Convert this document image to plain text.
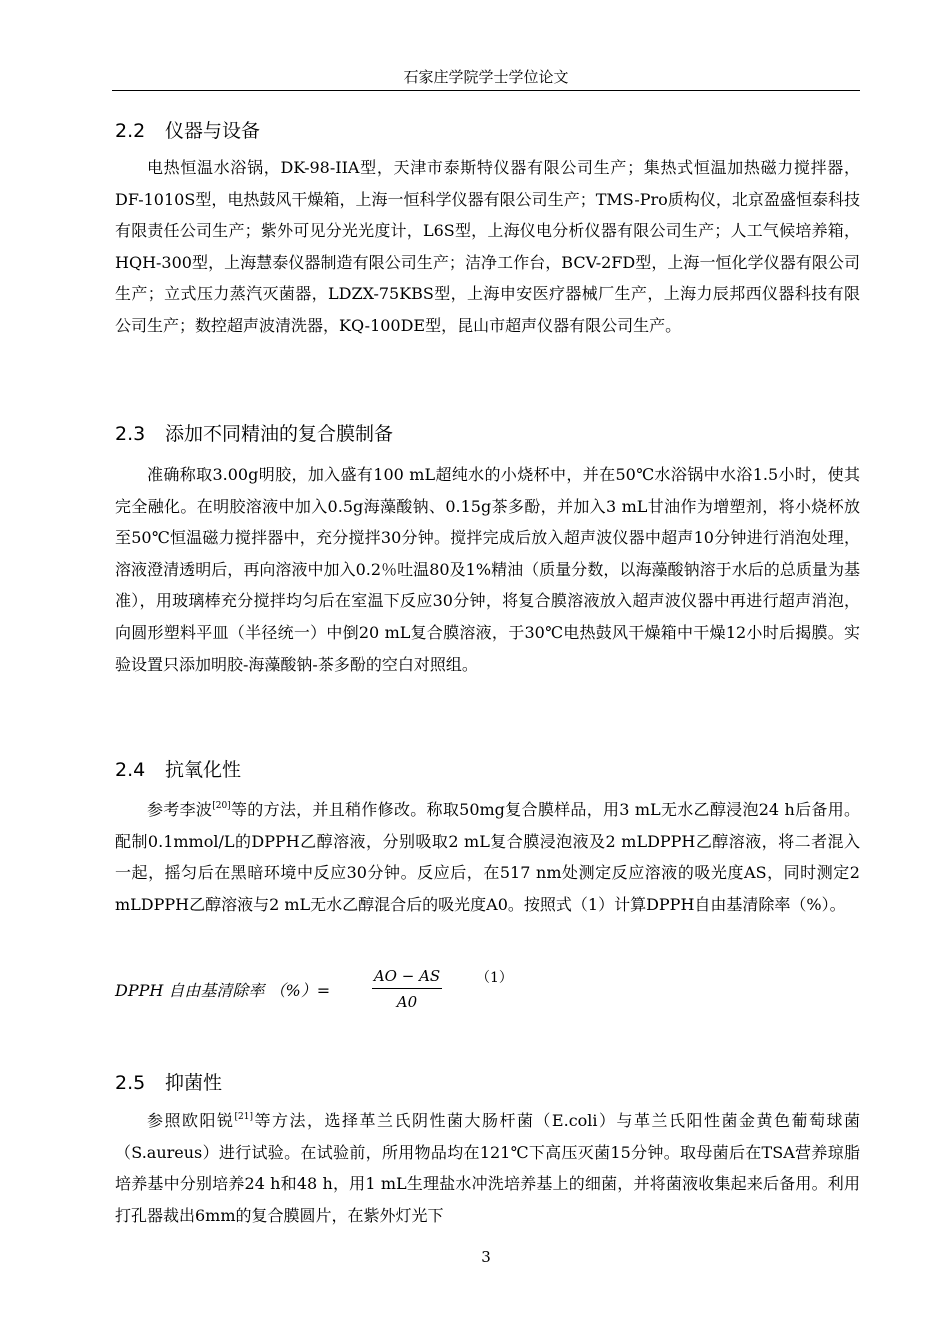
石家庄学院学士学位论文
2.2 仪器与设备

电热恒温水浴锅，DK-98-IIA型，天津市泰斯特仪器有限公司生产；集热式恒温加热磁力搅拌器，DF-1010S型，电热鼓风干燥箱，上海一恒科学仪器有限公司生产；TMS-Pro质构仪，北京盈盛恒泰科技有限责任公司生产；紫外可见分光光度计，L6S型，上海仪电分析仪器有限公司生产；人工气候培养箱，HQH-300型，上海慧泰仪器制造有限公司生产；洁净工作台，BCV-2FD型，上海一恒化学仪器有限公司生产；立式压力蒸汽灭菌器，LDZX-75KBS型，上海申安医疗器械厂生产，上海力辰邦西仪器科技有限公司生产；数控超声波清洗器，KQ-100DE型，昆山市超声仪器有限公司生产。

2.3 添加不同精油的复合膜制备

准确称取3.00g明胶，加入盛有100 mL超纯水的小烧杯中，并在50℃水浴锅中水浴1.5小时，使其完全融化。在明胶溶液中加入0.5g海藻酸钠、0.15g茶多酚，并加入3 mL甘油作为增塑剂，将小烧杯放至50℃恒温磁力搅拌器中，充分搅拌30分钟。搅拌完成后放入超声波仪器中超声10分钟进行消泡处理，溶液澄清透明后，再向溶液中加入0.2％吐温80及1%精油（质量分数，以海藻酸钠溶于水后的总质量为基准），用玻璃棒充分搅拌均匀后在室温下反应30分钟，将复合膜溶液放入超声波仪器中再进行超声消泡，向圆形塑料平皿（半径统一）中倒20 mL复合膜溶液，于30℃电热鼓风干燥箱中干燥12小时后揭膜。实验设置只添加明胶-海藻酸钠-茶多酚的空白对照组。

2.4 抗氧化性

参考李波[20]等的方法，并且稍作修改。称取50mg复合膜样品，用3 mL无水乙醇浸泡24 h后备用。配制0.1mmol/L的DPPH乙醇溶液，分别吸取2 mL复合膜浸泡液及2 mLDPPH乙醇溶液，将二者混入一起，摇匀后在黑暗环境中反应30分钟。反应后，在517 nm处测定反应溶液的吸光度AS，同时测定2 mLDPPH乙醇溶液与2 mL无水乙醇混合后的吸光度A0。按照式（1）计算DPPH自由基清除率（%）。

DPPH 自由基清除率 （%）=
AO − AS
A0
（1）
2.5 抑菌性

参照欧阳锐[21]等方法，选择革兰氏阴性菌大肠杆菌（E.coli）与革兰氏阳性菌金黄色葡萄球菌（S.aureus）进行试验。在试验前，所用物品均在121℃下高压灭菌15分钟。取母菌后在TSA营养琼脂培养基中分别培养24 h和48 h，用1 mL生理盐水冲洗培养基上的细菌，并将菌液收集起来后备用。利用打孔器裁出6mm的复合膜圆片，在紫外灯光下

3
